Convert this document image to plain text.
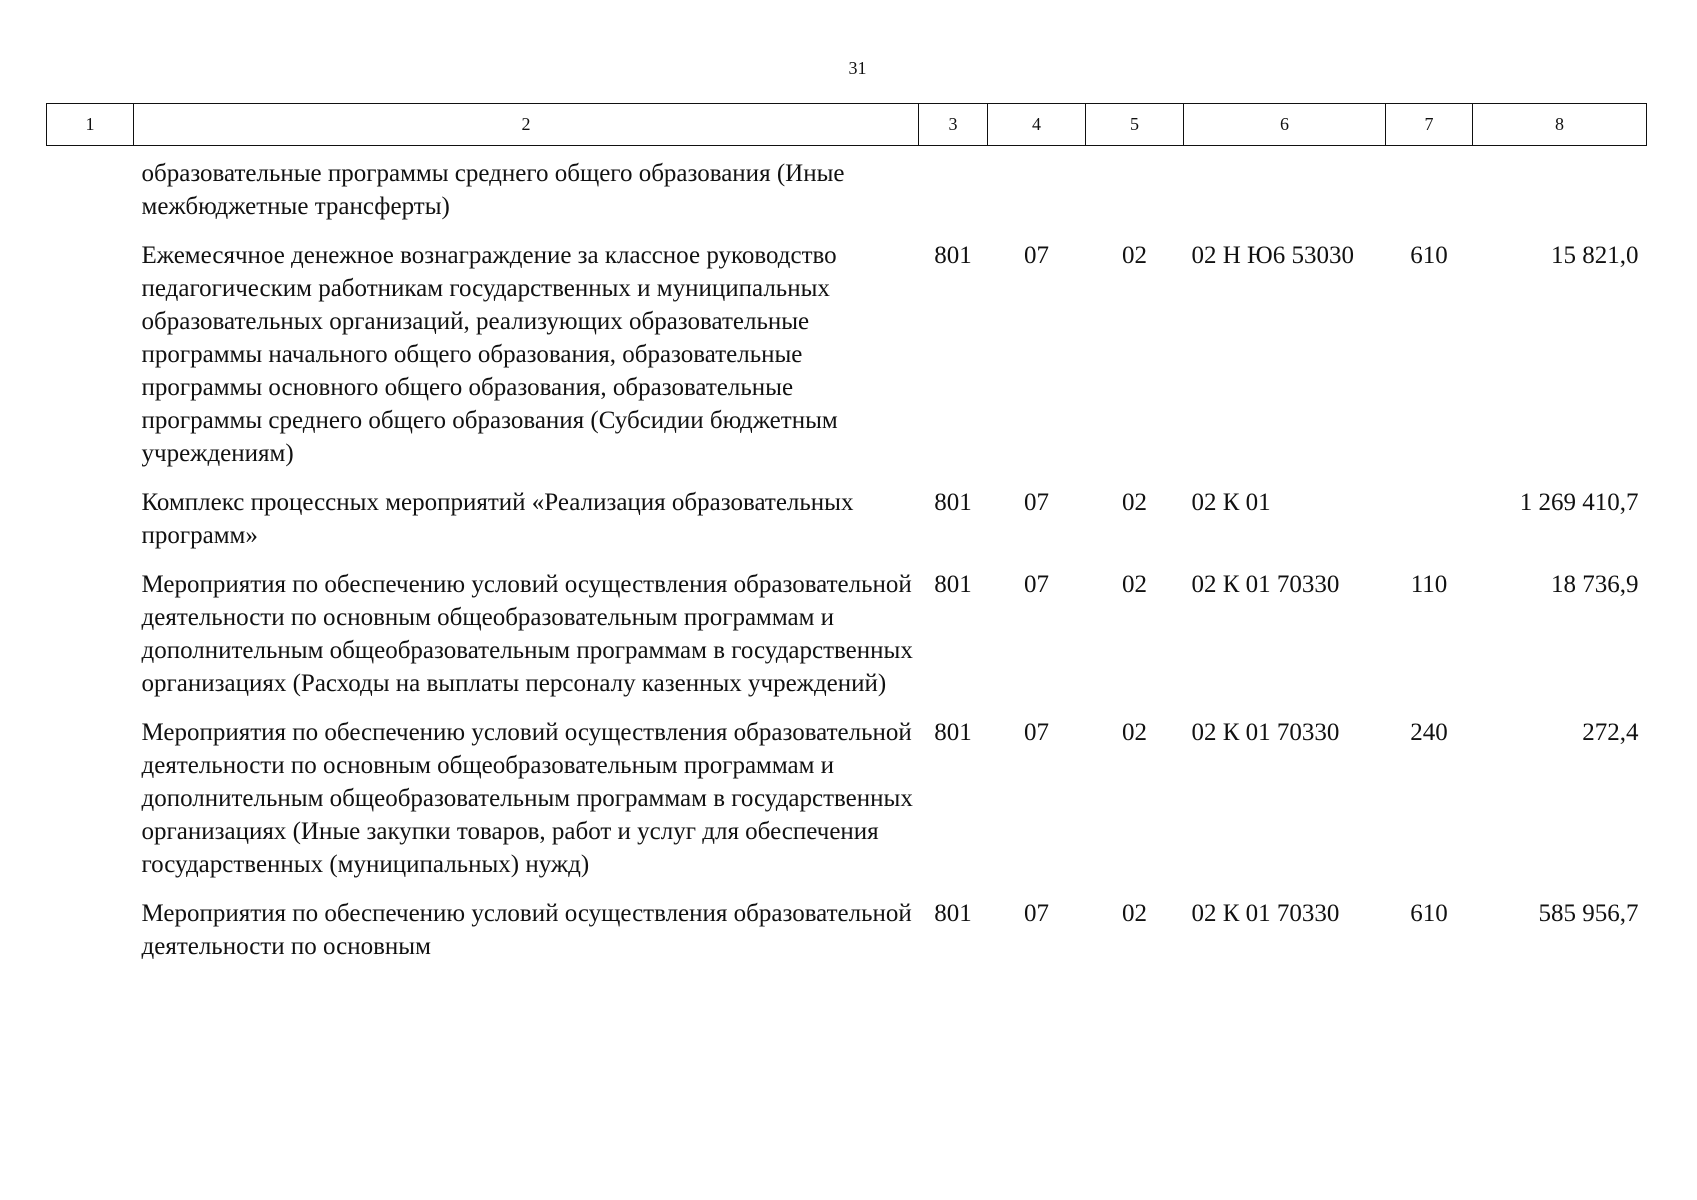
31
1	2	3	4	5	6	7	8
	образовательные программы среднего общего образования (Иные межбюджетные трансферты)						
	Ежемесячное денежное вознаграждение за классное руководство педагогическим работникам государственных и муниципальных образовательных организаций, реализующих образовательные программы начального общего образования, образовательные программы основного общего образования, образовательные программы среднего общего образования (Субсидии бюджетным учреждениям)	801	07	02	02 Н Ю6 53030	610	15 821,0
	Комплекс процессных мероприятий «Реализация образовательных программ»	801	07	02	02 К 01		1 269 410,7
	Мероприятия по обеспечению условий осуществления образовательной деятельности по основным общеобразовательным программам и дополнительным общеобразовательным программам в государственных организациях (Расходы на выплаты персоналу казенных учреждений)	801	07	02	02 К 01 70330	110	18 736,9
	Мероприятия по обеспечению условий осуществления образовательной деятельности по основным общеобразовательным программам и дополнительным общеобразовательным программам в государственных организациях (Иные закупки товаров, работ и услуг для обеспечения государственных (муниципальных) нужд)	801	07	02	02 К 01 70330	240	272,4
	Мероприятия по обеспечению условий осуществления образовательной деятельности по основным	801	07	02	02 К 01 70330	610	585 956,7
